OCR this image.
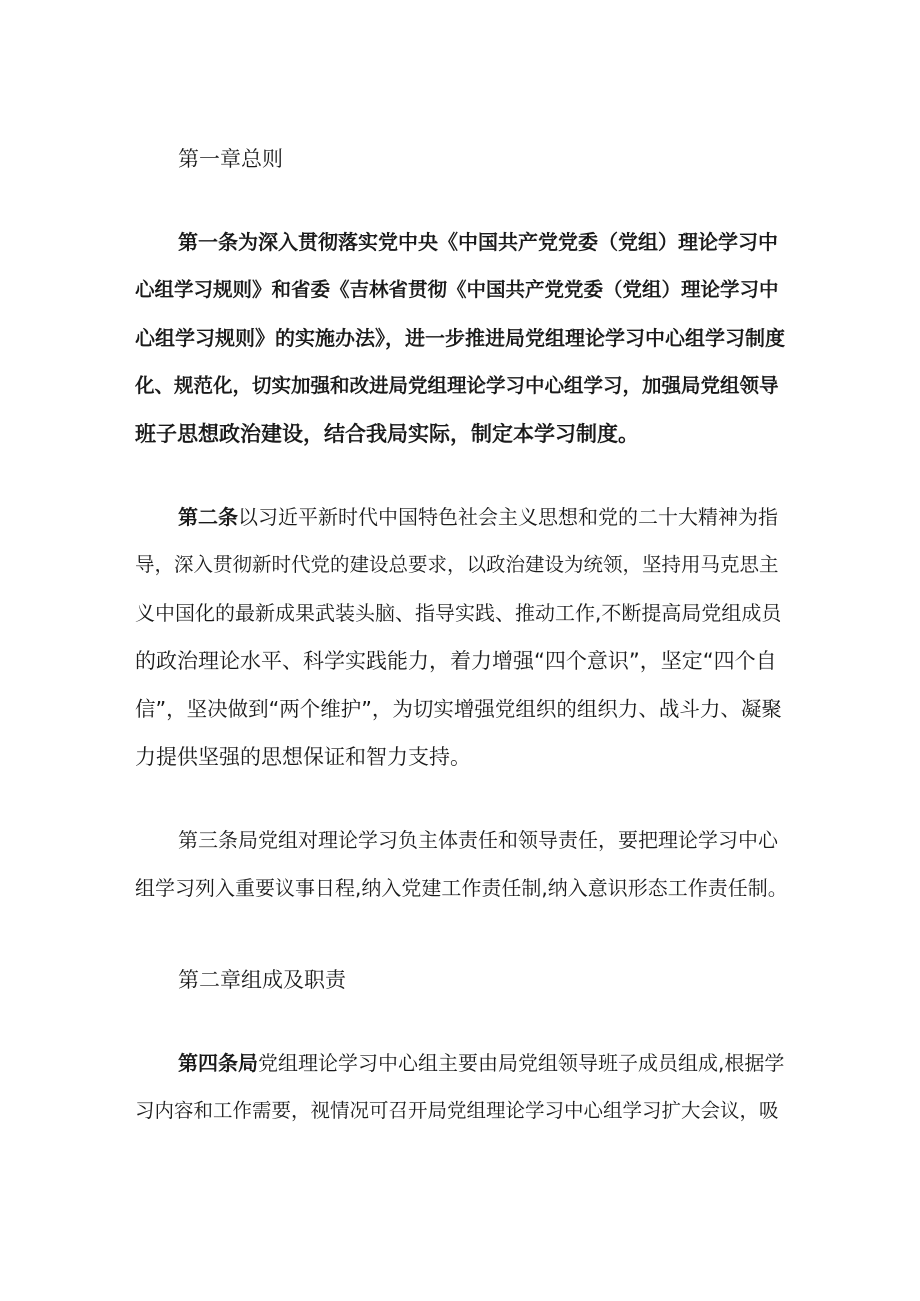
第一章总则
第一条为深入贯彻落实党中央《中国共产党党委（党组）理论学习中
心组学习规则》和省委《吉林省贯彻《中国共产党党委（党组）理论学习中
心组学习规则》的实施办法》，进一步推进局党组理论学习中心组学习制度
化、规范化，切实加强和改进局党组理论学习中心组学习，加强局党组领导
班子思想政治建设，结合我局实际，制定本学习制度。
第二条以习近平新时代中国特色社会主义思想和党的二十大精神为指
导，深入贯彻新时代党的建设总要求，以政治建设为统领，坚持用马克思主
义中国化的最新成果武装头脑、指导实践、推动工作,不断提高局党组成员
的政治理论水平、科学实践能力，着力增强“四个意识”，坚定“四个自
信”，坚决做到“两个维护”，为切实增强党组织的组织力、战斗力、凝聚
力提供坚强的思想保证和智力支持。
第三条局党组对理论学习负主体责任和领导责任，要把理论学习中心
组学习列入重要议事日程,纳入党建工作责任制,纳入意识形态工作责任制。
第二章组成及职责
第四条局党组理论学习中心组主要由局党组领导班子成员组成,根据学
习内容和工作需要，视情况可召开局党组理论学习中心组学习扩大会议，吸
